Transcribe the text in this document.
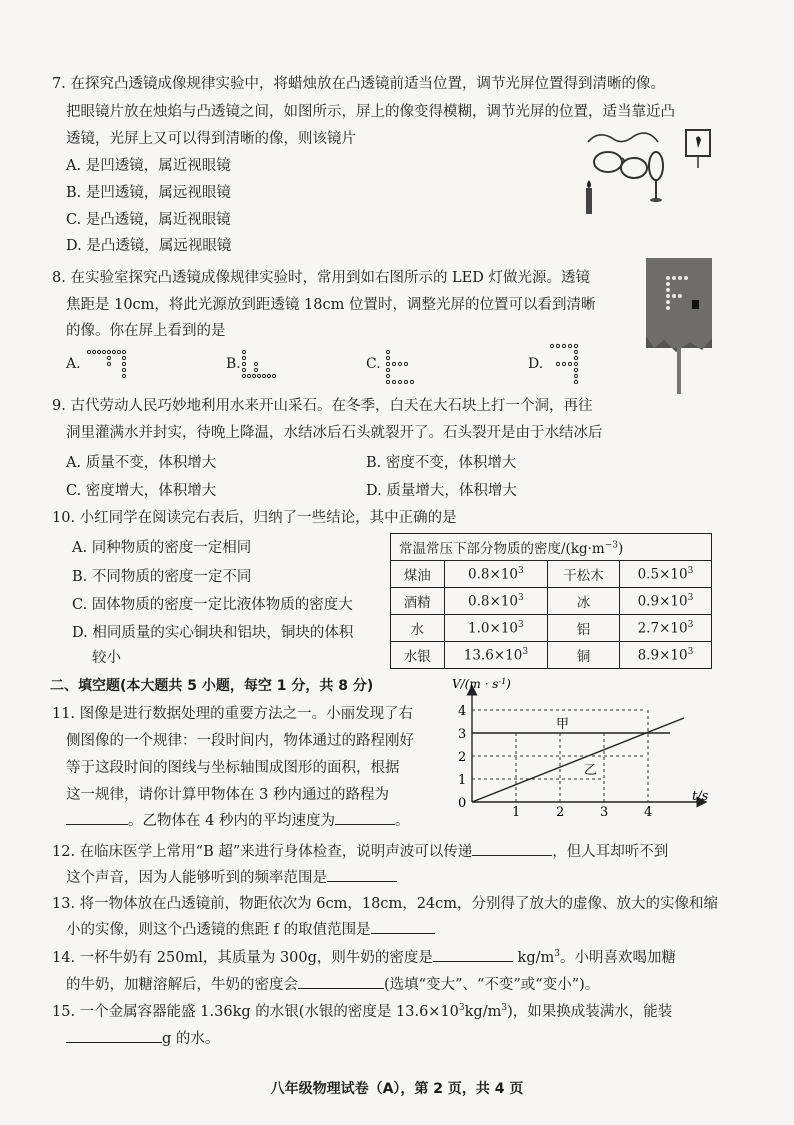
7. 在探究凸透镜成像规律实验中，将蜡烛放在凸透镜前适当位置，调节光屏位置得到清晰的像。
把眼镜片放在烛焰与凸透镜之间，如图所示，屏上的像变得模糊，调节光屏的位置，适当靠近凸
透镜，光屏上又可以得到清晰的像，则该镜片
A. 是凹透镜，属近视眼镜
B. 是凹透镜，属远视眼镜
C. 是凸透镜，属近视眼镜
D. 是凸透镜，属远视眼镜
8. 在实验室探究凸透镜成像规律实验时，常用到如右图所示的 LED 灯做光源。透镜
焦距是 10cm，将此光源放到距透镜 18cm 位置时，调整光屏的位置可以看到清晰
的像。你在屏上看到的是
A.	B.	C.	D.
9. 古代劳动人民巧妙地利用水来开山采石。在冬季，白天在大石块上打一个洞，再往
洞里灌满水并封实，待晚上降温，水结冰后石头就裂开了。石头裂开是由于水结冰后
A. 质量不变，体积增大	B. 密度不变，体积增大
C. 密度增大，体积增大	D. 质量增大，体积增大
10. 小红同学在阅读完右表后，归纳了一些结论，其中正确的是
A. 同种物质的密度一定相同
B. 不同物质的密度一定不同
C. 固体物质的密度一定比液体物质的密度大
D. 相同质量的实心铜块和铝块，铜块的体积
较小
常温常压下部分物质的密度$/(kg\cdot m^{-3})$			
煤油	$0.8\times 10^3$	干松木	$0.5\times 10^3$
酒精	$0.8\times 10^3$	冰	$0.9\times 10^3$
水	$1.0\times 10^3$	铝	$2.7\times 10^3$
水银	$13.6\times 10^3$	铜	$8.9\times 10^3$
二、填空题(本大题共 5 小题，每空 1 分，共 8 分)
11. 图像是进行数据处理的重要方法之一。小丽发现了右
侧图像的一个规律：一段时间内，物体通过的路程刚好
等于这段时间的图线与坐标轴围成图形的面积，根据
这一规律，请你计算甲物体在 3 秒内通过的路程为
。乙物体在 4 秒内的平均速度为	。
$V/(m \cdot s^{-1})$
t/s
0
1
2
3
4
1	2	3	4
甲
乙
12. 在临床医学上常用“B 超”来进行身体检查，说明声波可以传递	，但人耳却听不到
这个声音，因为人能够听到的频率范围是
13. 将一物体放在凸透镜前，物距依次为 6cm，18cm，24cm，分别得了放大的虚像、放大的实像和缩
小的实像，则这个凸透镜的焦距 f 的取值范围是
14. 一杯牛奶有 250ml，其质量为 300g，则牛奶的密度是	$kg/m^3$。小明喜欢喝加糖
的牛奶，加糖溶解后，牛奶的密度会	(选填“变大”、“不变”或“变小”)。
15. 一个金属容器能盛 1.36kg 的水银(水银的密度是 $13.6\times 10^3kg/m^3$)，如果换成装满水，能装
g 的水。
八年级物理试卷（A），第 2 页，共 4 页
